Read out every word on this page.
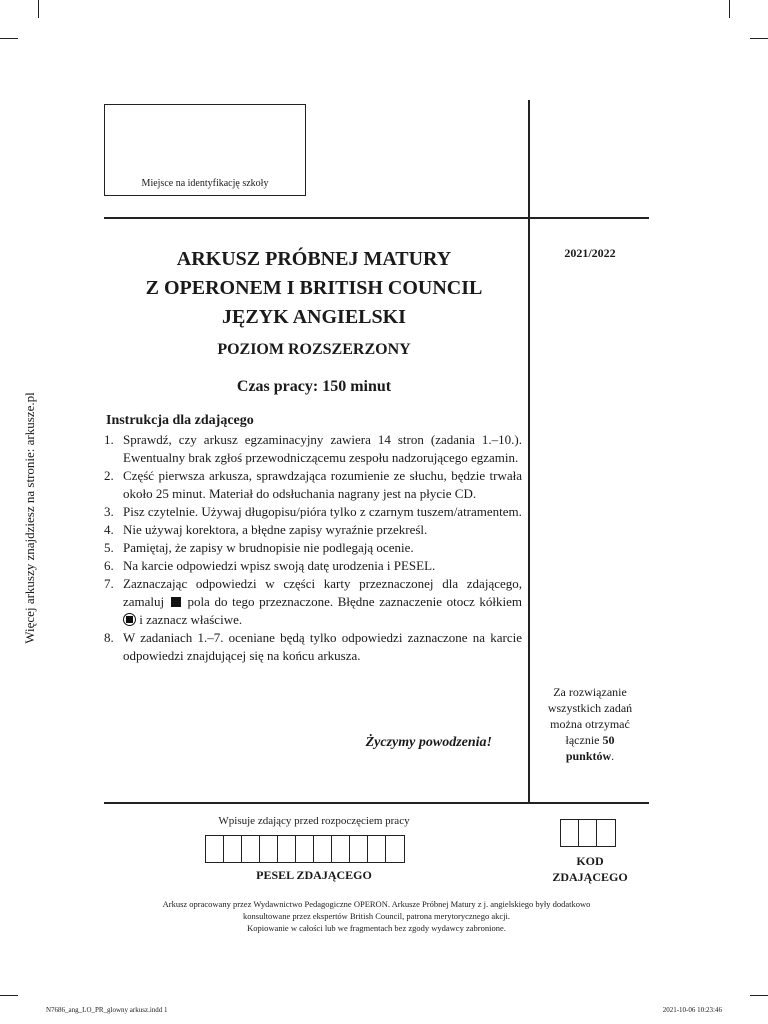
Miejsce na identyfikację szkoły
ARKUSZ PRÓBNEJ MATURY
Z OPERONEM I BRITISH COUNCIL
JĘZYK ANGIELSKI
POZIOM ROZSZERZONY
Czas pracy: 150 minut
2021/2022
Instrukcja dla zdającego
1. Sprawdź, czy arkusz egzaminacyjny zawiera 14 stron (zadania 1.–10.). Ewentualny brak zgłoś przewodniczącemu zespołu nadzorującego egzamin.
2. Część pierwsza arkusza, sprawdzająca rozumienie ze słuchu, będzie trwała około 25 minut. Materiał do odsłuchania nagrany jest na płycie CD.
3. Pisz czytelnie. Używaj długopisu/pióra tylko z czarnym tuszem/atramentem.
4. Nie używaj korektora, a błędne zapisy wyraźnie przekreśl.
5. Pamiętaj, że zapisy w brudnopisie nie podlegają ocenie.
6. Na karcie odpowiedzi wpisz swoją datę urodzenia i PESEL.
7. Zaznaczając odpowiedzi w części karty przeznaczonej dla zdającego, zamaluj pola do tego przeznaczone. Błędne zaznaczenie otocz kółkiem  i zaznacz właściwe.
8. W zadaniach 1.–7. oceniane będą tylko odpowiedzi zaznaczone na karcie odpowiedzi znajdującej się na końcu arkusza.
Życzymy powodzenia!
Za rozwiązanie wszystkich zadań można otrzymać łącznie 50 punktów.
Wpisuje zdający przed rozpoczęciem pracy
PESEL ZDAJĄCEGO
KOD
ZDAJĄCEGO
Arkusz opracowany przez Wydawnictwo Pedagogiczne OPERON. Arkusze Próbnej Matury z j. angielskiego były dodatkowo
konsultowane przez ekspertów British Council, patrona merytorycznego akcji.
Kopiowanie w całości lub we fragmentach bez zgody wydawcy zabronione.
Więcej arkuszy znajdziesz na stronie: arkusze.pl
N7686_ang_LO_PR_glowny arkusz.indd 1	2021-10-06 10:23:46
